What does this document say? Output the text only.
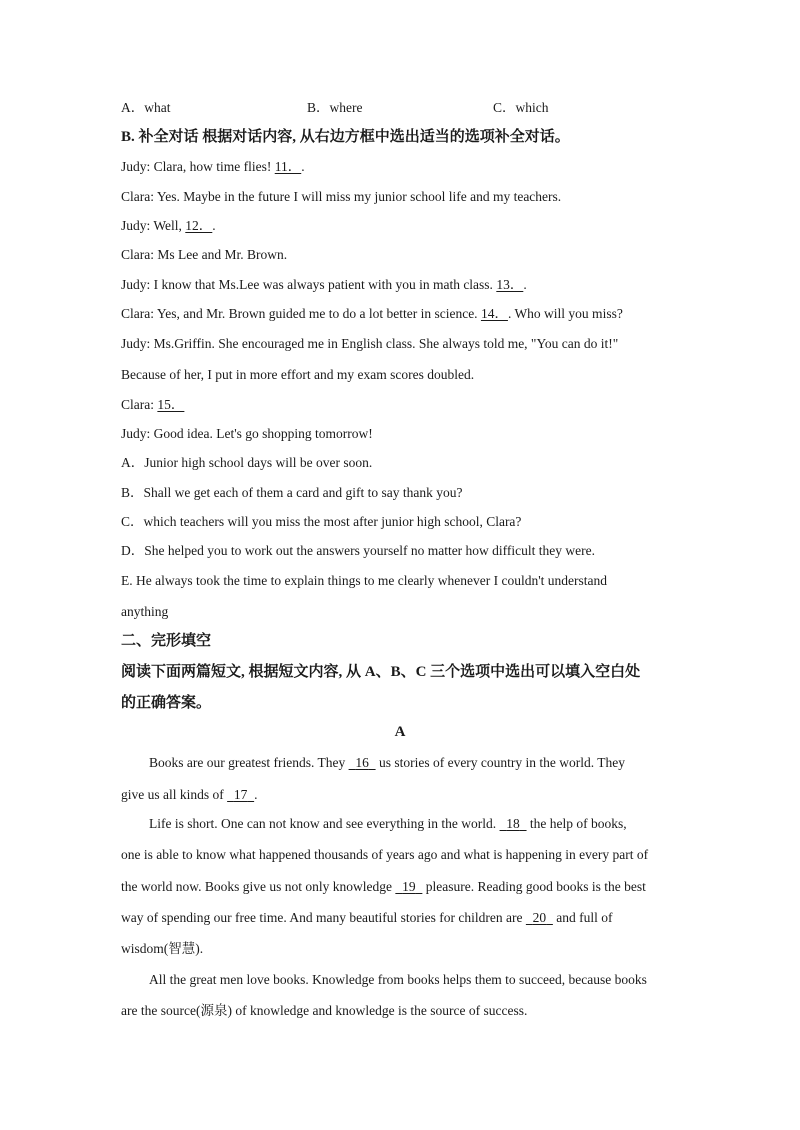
A．what	B．where	C．which
B. 补全对话 根据对话内容, 从右边方框中选出适当的选项补全对话。
Judy: Clara, how time flies! 11．.
Clara: Yes. Maybe in the future I will miss my junior school life and my teachers.
Judy: Well, 12．.
Clara: Ms Lee and Mr. Brown.
Judy: I know that Ms.Lee was always patient with you in math class. 13．.
Clara: Yes, and Mr. Brown guided me to do a lot better in science. 14．. Who will you miss?
Judy: Ms.Griffin. She encouraged me in English class. She always told me, "You can do it!"
Because of her, I put in more effort and my exam scores doubled.
Clara: 15．
Judy: Good idea. Let's go shopping tomorrow!
A．Junior high school days will be over soon.
B．Shall we get each of them a card and gift to say thank you?
C．which teachers will you miss the most after junior high school, Clara?
D．She helped you to work out the answers yourself no matter how difficult they were.
E. He always took the time to explain things to me clearly whenever I couldn't understand
anything
二、完形填空
阅读下面两篇短文, 根据短文内容, 从 A、B、C 三个选项中选出可以填入空白处
的正确答案。
A
Books are our greatest friends. They   16   us stories of every country in the world. They
give us all kinds of   17 .
Life is short. One can not know and see everything in the world.   18   the help of books,
one is able to know what happened thousands of years ago and what is happening in every part of
the world now. Books give us not only knowledge   19   pleasure. Reading good books is the best
way of spending our free time. And many beautiful stories for children are   20   and full of
wisdom(智慧).
All the great men love books. Knowledge from books helps them to succeed, because books
are the source(源泉) of knowledge and knowledge is the source of success.
